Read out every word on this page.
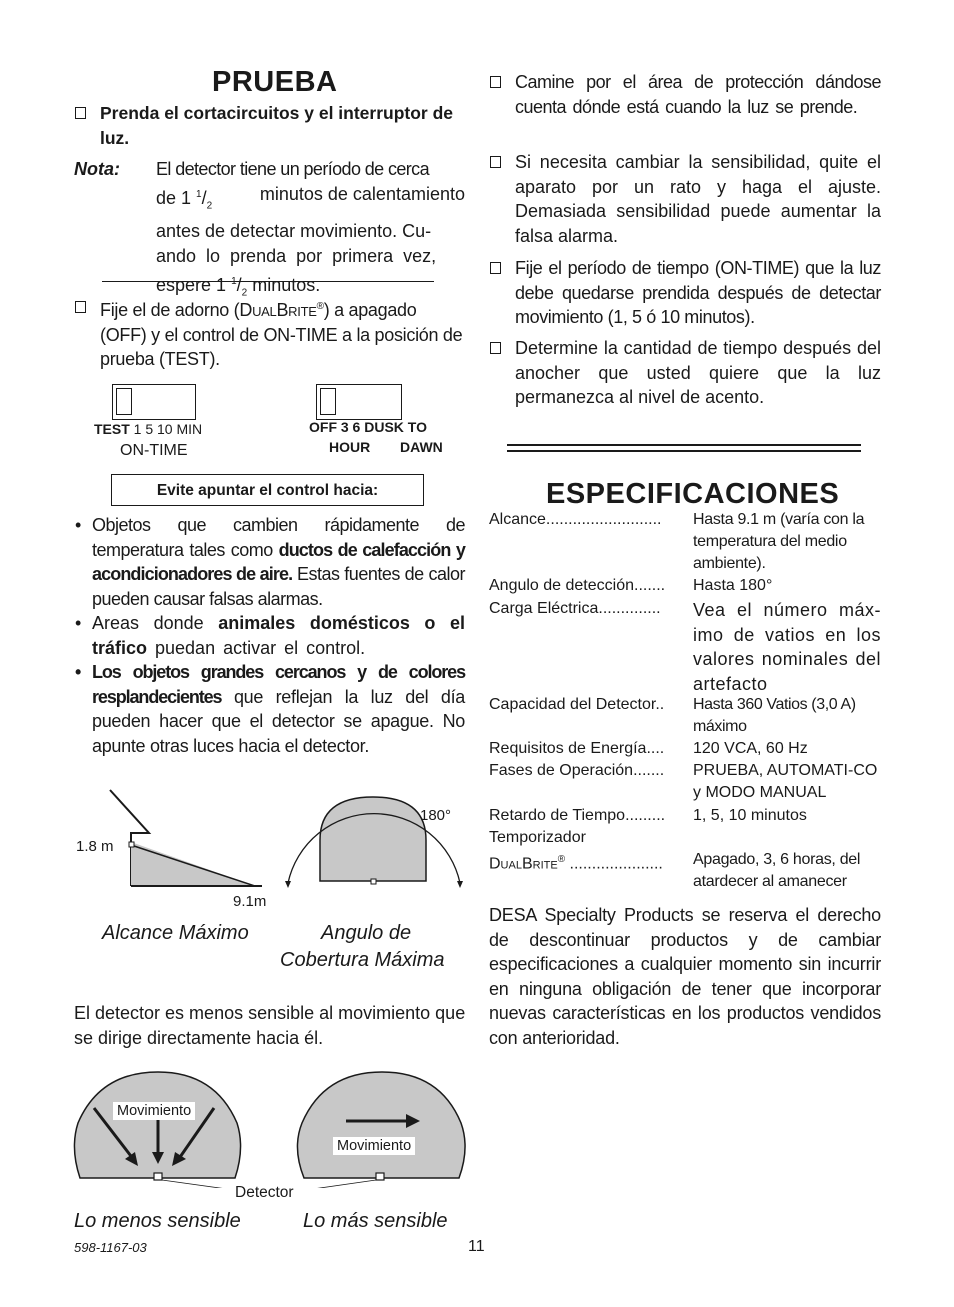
PRUEBA
Prenda el cortacircuitos y el interruptor de luz.
Nota: El detector tiene un período de cerca
de 1 $^1/_2$
minutos de calentamiento
antes de detectar movimiento. Cu-
ando lo prenda por primera vez,
espere 1 $^1/_2$ minutos.
Fije el de adorno (DualBrite®) a apagado (OFF) y el control de ON-TIME a la posición de prueba (TEST).
TEST 1 5 10 MIN
ON-TIME
OFF 3 6 DUSK TO
HOUR DAWN
Evite apuntar el control hacia:
• Objetos que cambien rápidamente de temperatura tales como ductos de calefacción y acondicionadores de aire. Estas fuentes de calor pueden causar falsas alarmas.
• Areas donde animales domésticos o el tráfico puedan activar el control.
• Los objetos grandes cercanos y de colores resplandecientes que reflejan la luz del día pueden hacer que el detector se apague. No apunte otras luces hacia el detector.
1.8 m
9.1m
180°
Alcance Máximo	Angulo de
Cobertura Máxima
El detector es menos sensible al movimiento que se dirige directamente hacia él.
Movimiento
Movimiento
Detector
Lo menos sensible	Lo más sensible
598-1167-03	11
Camine por el área de protección dándose cuenta dónde está cuando la luz se prende.
Si necesita cambiar la sensibilidad, quite el aparato por un rato y haga el ajuste. Demasiada sensibilidad puede aumentar la falsa alarma.
Fije el período de tiempo (ON-TIME) que la luz debe quedarse prendida después de detectar movimiento (1, 5 ó 10 minutos).
Determine la cantidad de tiempo después del anocher que usted quiere que la luz permanezca al nivel de acento.
ESPECIFICACIONES
Alcance.......................... Hasta 9.1 m (varía con la temperatura del medio ambiente).
Angulo de detección....... Hasta 180°
Carga Eléctrica.............. Vea el número máx-imo de vatios en los valores nominales del artefacto
Capacidad del Detector.. Hasta 360 Vatios (3,0 A) máximo
Requisitos de Energía.... 120 VCA, 60 Hz
Fases de Operación....... PRUEBA, AUTOMATI-CO y MODO MANUAL
Retardo de Tiempo......... 1, 5, 10 minutos
Temporizador
DualBrite® ..................... Apagado, 3, 6 horas, del atardecer al amanecer
DESA Specialty Products se reserva el derecho de descontinuar productos y de cambiar especificaciones a cualquier momento sin incurrir en ninguna obligación de tener que incorporar nuevas características en los productos vendidos con anterioridad.
